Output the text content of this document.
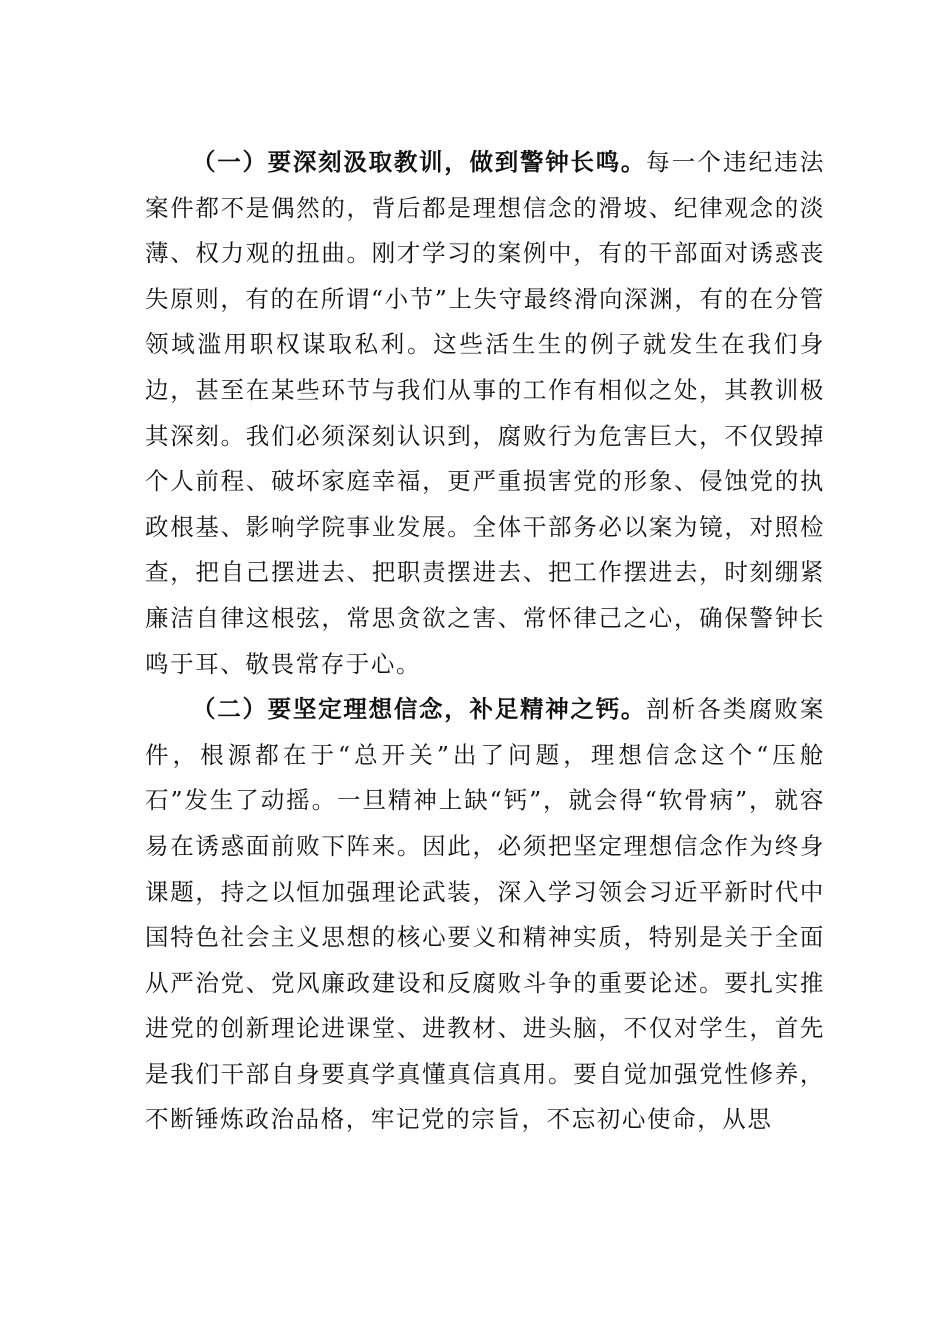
（一）要深刻汲取教训，做到警钟长鸣。每一个违纪违法案件都不是偶然的，背后都是理想信念的滑坡、纪律观念的淡薄、权力观的扭曲。刚才学习的案例中，有的干部面对诱惑丧失原则，有的在所谓“小节”上失守最终滑向深渊，有的在分管领域滥用职权谋取私利。这些活生生的例子就发生在我们身边，甚至在某些环节与我们从事的工作有相似之处，其教训极其深刻。我们必须深刻认识到，腐败行为危害巨大，不仅毁掉个人前程、破坏家庭幸福，更严重损害党的形象、侵蚀党的执政根基、影响学院事业发展。全体干部务必以案为镜，对照检查，把自己摆进去、把职责摆进去、把工作摆进去，时刻绷紧廉洁自律这根弦，常思贪欲之害、常怀律己之心，确保警钟长鸣于耳、敬畏常存于心。

（二）要坚定理想信念，补足精神之钙。剖析各类腐败案件，根源都在于“总开关”出了问题，理想信念这个“压舱石”发生了动摇。一旦精神上缺“钙”，就会得“软骨病”，就容易在诱惑面前败下阵来。因此，必须把坚定理想信念作为终身课题，持之以恒加强理论武装，深入学习领会习近平新时代中国特色社会主义思想的核心要义和精神实质，特别是关于全面从严治党、党风廉政建设和反腐败斗争的重要论述。要扎实推进党的创新理论进课堂、进教材、进头脑，不仅对学生，首先是我们干部自身要真学真懂真信真用。要自觉加强党性修养，不断锤炼政治品格，牢记党的宗旨，不忘初心使命，从思
